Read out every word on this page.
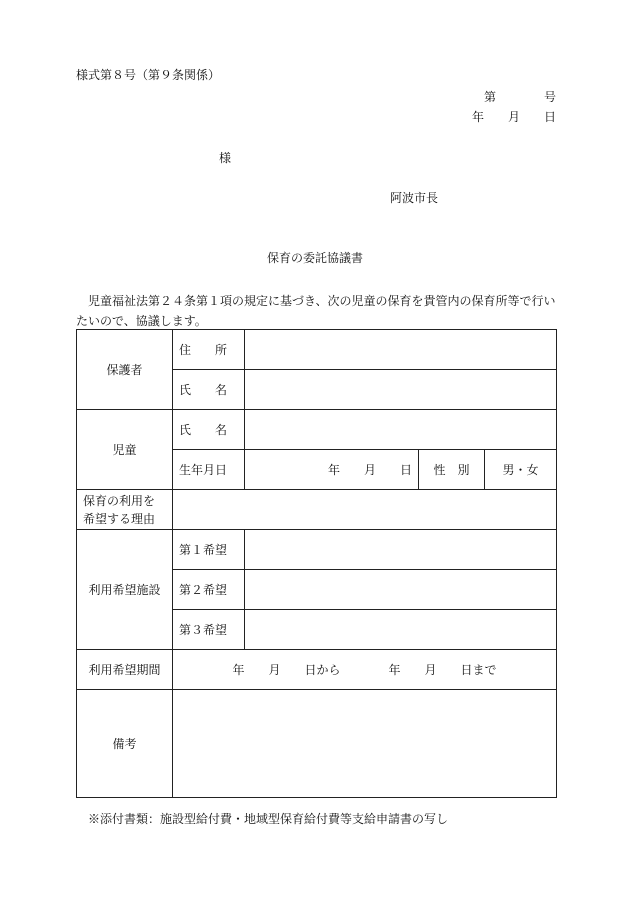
様式第８号（第９条関係）
第　　　　号
年　　月　　日
様
阿波市長
保育の委託協議書
児童福祉法第２４条第１項の規定に基づき、次の児童の保育を貴管内の保育所等で行いたいので、協議します。
保護者	住　　所			
	氏　　名			
児童	氏　　名			
	生年月日	年　　月　　日	性　別	男・女
保育の利用を希望する理由				
利用希望施設	第１希望			
	第２希望			
	第３希望			
利用希望期間	年　　月　　日から　　　　年　　月　　日まで			
備考				
※添付書類：施設型給付費・地域型保育給付費等支給申請書の写し
